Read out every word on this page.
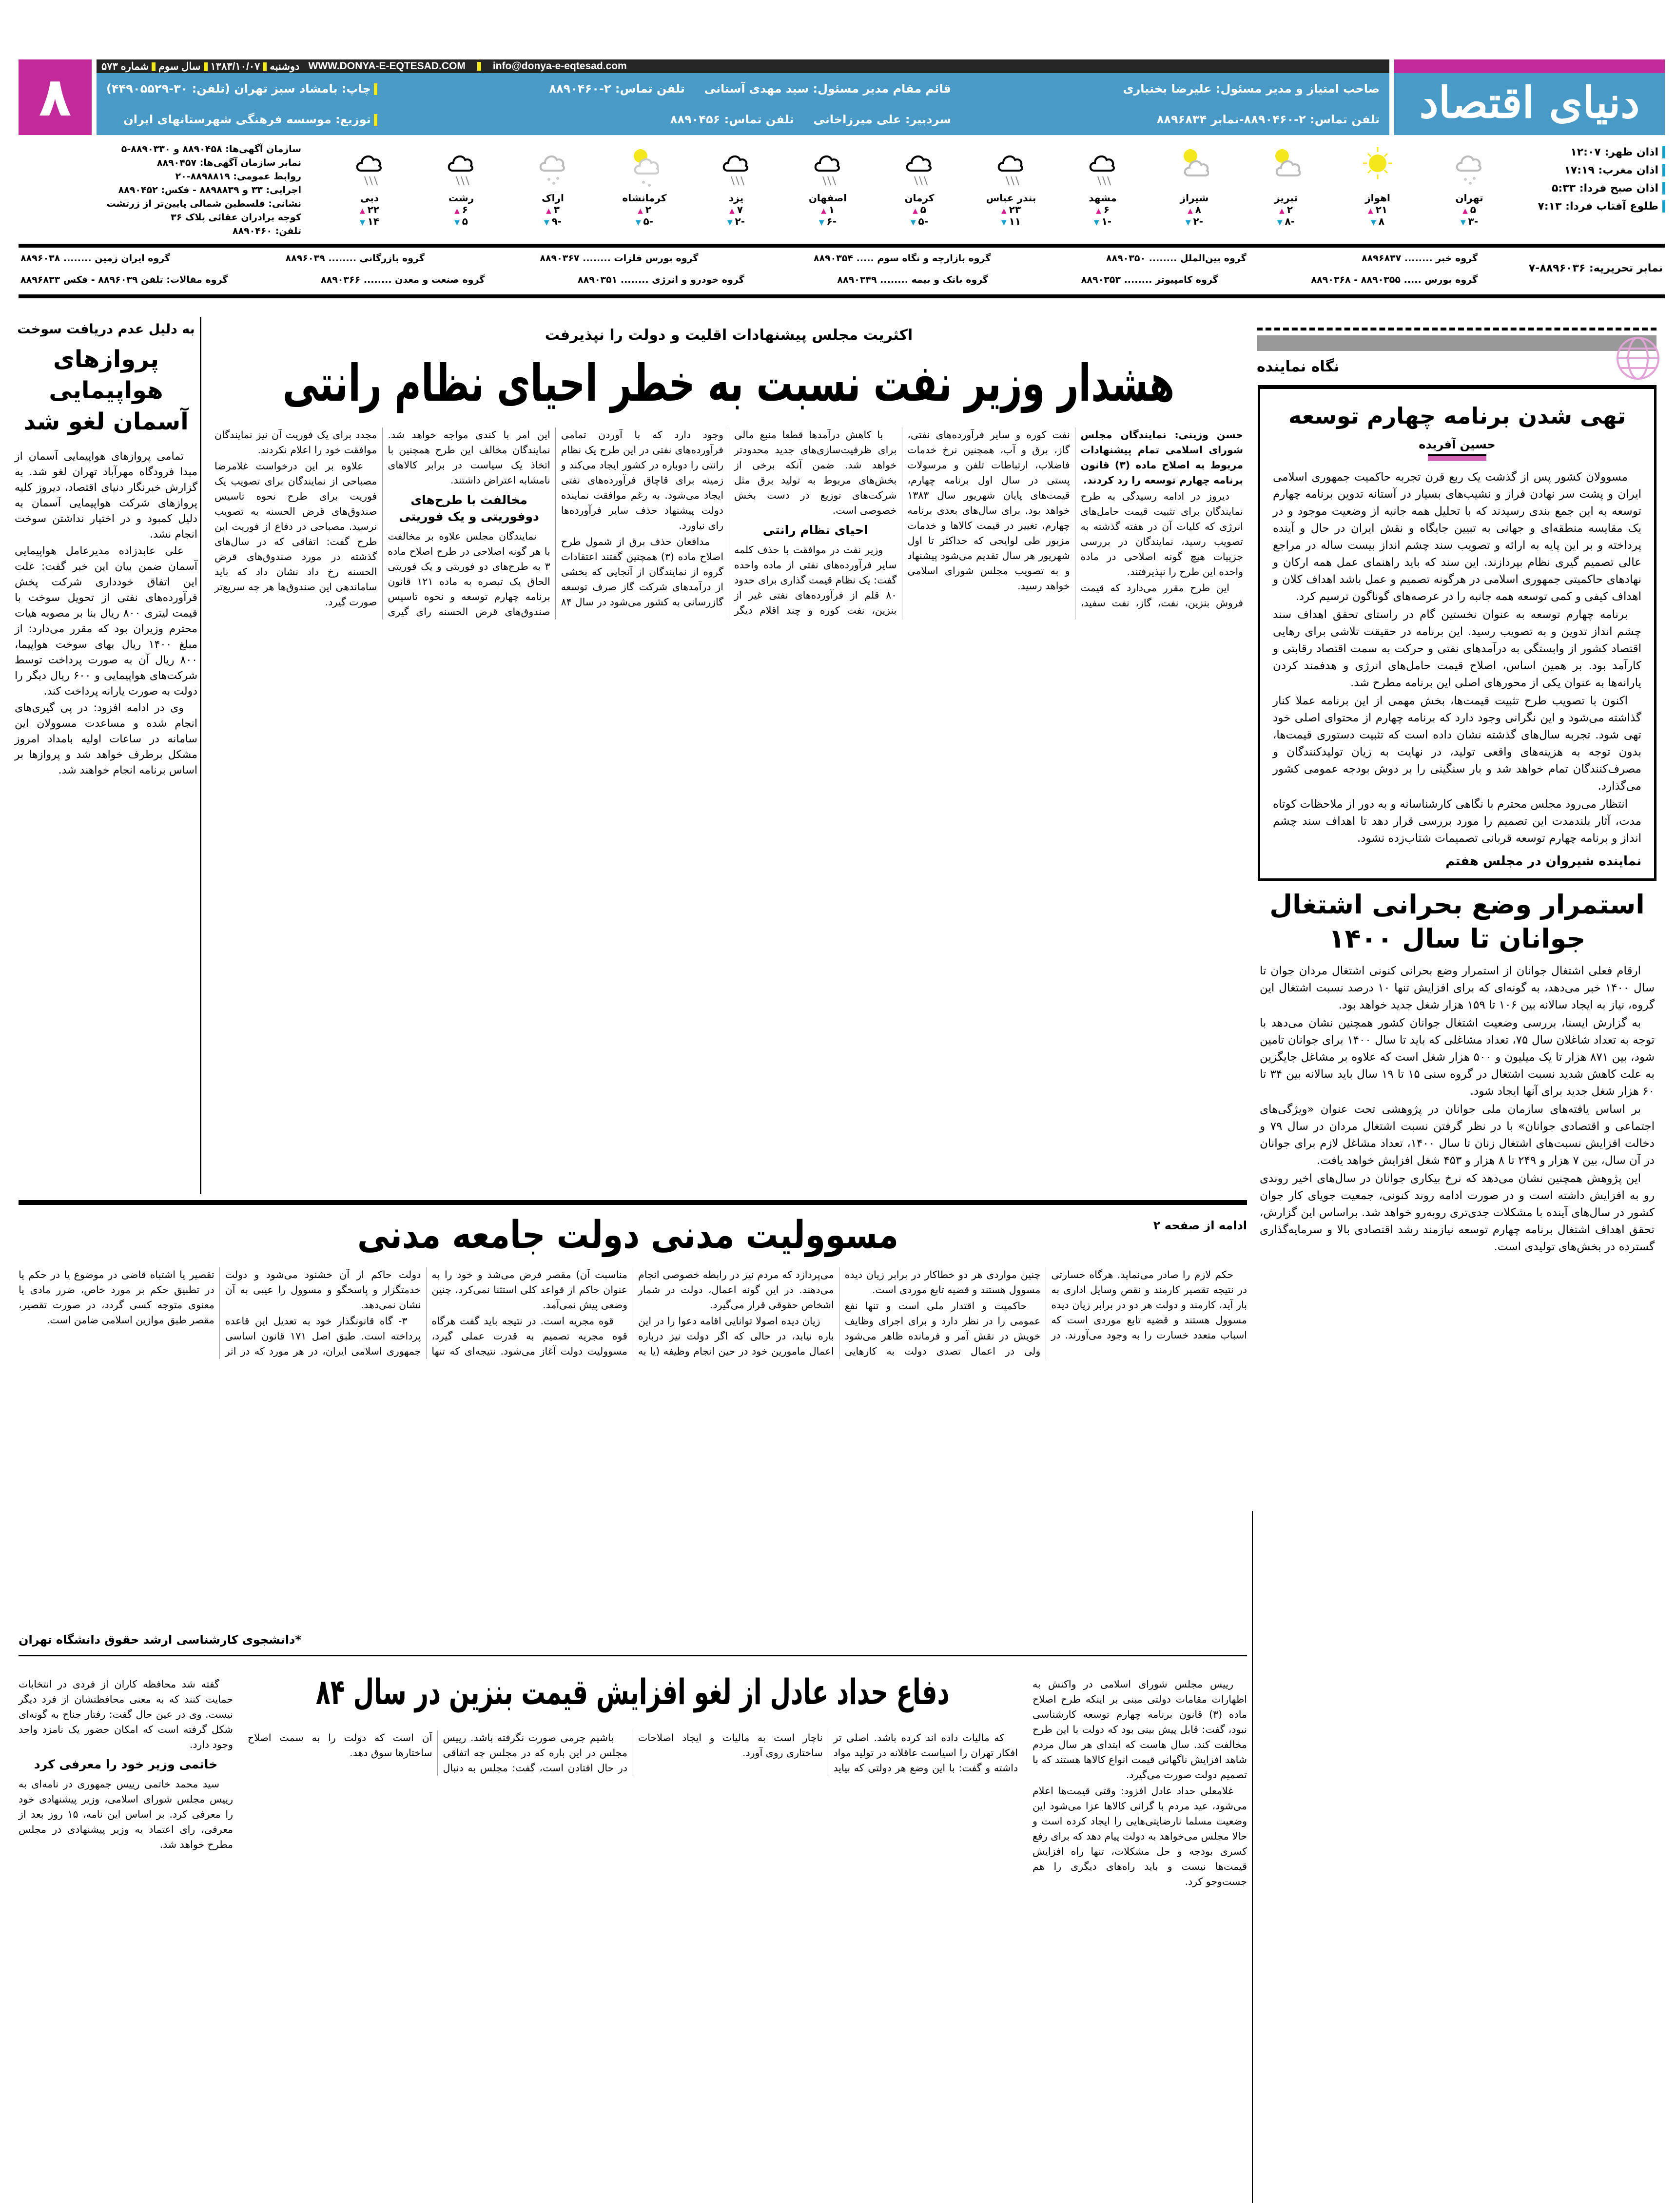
دنیای اقتصاد
۸	دوشنبه۱۳۸۳/۱۰/۰۷سال سومشماره ۵۷۳	WWW.DONYA-E-EQTESAD.COM	info@donya-e-eqtesad.com
صاحب امتیاز و مدیر مسئول: علیرضا بختیاری
تلفن تماس: ۲-۸۸۹۰۴۶۰-نمابر ۸۸۹۶۸۳۴
قائم مقام مدیر مسئول: سید مهدی آستانی
تلفن تماس: ۲-۸۸۹۰۴۶۰
سردبیر: علی میرزاخانی
تلفن تماس: ۸۸۹۰۴۵۶
چاپ: بامشاد سبز تهران (تلفن: ۳۰-۴۴۹۰۵۵۲۹)
توزیع: موسسه فرهنگی شهرستانهای ایران
اذان ظهر: ۱۲:۰۷
اذان مغرب: ۱۷:۱۹
اذان صبح فردا: ۵:۳۳
طلوع آفتاب فردا: ۷:۱۳
تهران
۵ ▲
-۳ ▼
اهواز
۲۱ ▲
۸ ▼
تبریز
۲ ▲
-۸ ▼
شیراز
۸ ▲
-۲ ▼
مشهد
۶ ▲
-۱ ▼
بندر عباس
۲۳ ▲
۱۱ ▼
کرمان
۵ ▲
-۵ ▼
اصفهان
۱ ▲
-۶ ▼
یزد
۷ ▲
-۲ ▼
کرمانشاه
۲ ▲
-۵ ▼
اراک
۳ ▲
-۹ ▼
رشت
۶ ▲
۵ ▼
دبی
۲۲ ▲
۱۴ ▼
سازمان آگهی‌ها: ۸۸۹۰۴۵۸ و ۸۸۹۰۳۳۰-۵
نمابر سازمان آگهی‌ها: ۸۸۹۰۴۵۷
روابط عمومی: ۸۸۹۸۸۱۹-۲۰
اجرایی: ۳۳ و ۸۸۹۸۸۳۹ - فکس: ۸۸۹۰۴۵۲
نشانی: فلسطین شمالی پایین‌تر از زرتشت
کوچه برادران عقائی پلاک ۳۶
تلفن: ۸۸۹۰۴۶۰
نمابر تحریریه: ۸۸۹۶۰۳۶-۷
گروه خبر ........ ۸۸۹۶۸۳۷
گروه بین‌الملل ........ ۸۸۹۰۳۵۰
گروه بازارچه و نگاه سوم ..... ۸۸۹۰۳۵۴
گروه بورس فلزات ........ ۸۸۹۰۳۶۷
گروه بازرگانی ........ ۸۸۹۶۰۳۹
گروه ایران زمین ........ ۸۸۹۶۰۳۸
گروه بورس ..... ۸۸۹۰۳۵۵ - ۸۸۹۰۳۶۸
گروه کامپیوتر ........ ۸۸۹۰۳۵۳
گروه بانک و بیمه ........ ۸۸۹۰۳۴۹
گروه خودرو و انرژی ........ ۸۸۹۰۳۵۱
گروه صنعت و معدن ........ ۸۸۹۰۳۶۶
گروه مقالات: تلفن ۸۸۹۶۰۳۹ - فکس ۸۸۹۶۸۳۳
به دلیل عدم دریافت سوخت
پروازهای هواپیمایی آسمان لغو شد

تمامی پروازهای هواپیمایی آسمان از مبدا فرودگاه مهرآباد تهران لغو شد. به گزارش خبرنگار دنیای اقتصاد، دیروز کلیه پروازهای شرکت هواپیمایی آسمان به دلیل کمبود و در اختیار نداشتن سوخت انجام نشد.

علی عابدزاده مدیرعامل هواپیمایی آسمان ضمن بیان این خبر گفت: علت این اتفاق خودداری شرکت پخش فرآورده‌های نفتی از تحویل سوخت با قیمت لیتری ۸۰۰ ریال بنا بر مصوبه هیات محترم وزیران بود که مقرر می‌دارد: از مبلغ ۱۴۰۰ ریال بهای سوخت هواپیما، ۸۰۰ ریال آن به صورت پرداخت توسط شرکت‌های هواپیمایی و ۶۰۰ ریال دیگر را دولت به صورت یارانه پرداخت کند.

وی در ادامه افزود: در پی گیری‌های انجام شده و مساعدت مسوولان این سامانه در ساعات اولیه بامداد امروز مشکل برطرف خواهد شد و پروازها بر اساس برنامه انجام خواهند شد.

اکثریت مجلس پیشنهادات اقلیت و دولت را نپذیرفت
هشدار وزیر نفت نسبت به خطر احیای نظام رانتی

حسن وزینی: نمایندگان مجلس شورای اسلامی تمام پیشنهادات مربوط به اصلاح ماده (۳) قانون برنامه چهارم توسعه را رد کردند.

دیروز در ادامه رسیدگی به طرح نمایندگان برای تثبیت قیمت حامل‌های انرژی که کلیات آن در هفته گذشته به تصویب رسید، نمایندگان در بررسی جزییات هیچ گونه اصلاحی در ماده واحده این طرح را نپذیرفتند.

این طرح مقرر می‌دارد که قیمت فروش بنزین، نفت، گاز، نفت سفید، نفت کوره و سایر فرآورده‌های نفتی، گاز، برق و آب، همچنین نرخ خدمات فاضلاب، ارتباطات تلفن و مرسولات پستی در سال اول برنامه چهارم، قیمت‌های پایان شهریور سال ۱۳۸۳ خواهد بود. برای سال‌های بعدی برنامه چهارم، تغییر در قیمت کالاها و خدمات مزبور طی لوایحی که حداکثر تا اول شهریور هر سال تقدیم می‌شود پیشنهاد و به تصویب مجلس شورای اسلامی خواهد رسید.

با کاهش درآمدها قطعا منبع مالی برای ظرفیت‌سازی‌های جدید محدودتر خواهد شد. ضمن آنکه برخی از بخش‌های مربوط به تولید برق مثل شرکت‌های توزیع در دست بخش خصوصی است.

احیای نظام رانتی

وزیر نفت در موافقت با حذف کلمه سایر فرآورده‌های نفتی از ماده واحده گفت: یک نظام قیمت گذاری برای حدود ۸۰ قلم از فرآورده‌های نفتی غیر از بنزین، نفت کوره و چند اقلام دیگر وجود دارد که با آوردن تمامی فرآورده‌های نفتی در این طرح یک نظام رانتی را دوباره در کشور ایجاد می‌کند و زمینه برای قاچاق فرآورده‌های نفتی ایجاد می‌شود. به رغم موافقت نماینده دولت پیشنهاد حذف سایر فرآورده‌ها رای نیاورد.

مدافعان حذف برق از شمول طرح اصلاح ماده (۳) همچنین گفتند اعتقادات گروه از نمایندگان از آنجایی که بخشی از درآمدهای شرکت گاز صرف توسعه گازرسانی به کشور می‌شود در سال ۸۴ این امر با کندی مواجه خواهد شد. نمایندگان مخالف این طرح همچنین با اتخاذ یک سیاست در برابر کالاهای نامشابه اعتراض داشتند.

مخالفت با طرح‌های دوفوریتی و یک فوریتی

نمایندگان مجلس علاوه بر مخالفت با هر گونه اصلاحی در طرح اصلاح ماده ۳ به طرح‌های دو فوریتی و یک فوریتی الحاق یک تبصره به ماده ۱۲۱ قانون برنامه چهارم توسعه و نحوه تاسیس صندوق‌های قرض الحسنه رای گیری مجدد برای یک فوریت آن نیز نمایندگان موافقت خود را اعلام نکردند.

علاوه بر این درخواست غلامرضا مصباحی از نمایندگان برای تصویب یک فوریت برای طرح نحوه تاسیس صندوق‌های قرض الحسنه به تصویب نرسید. مصباحی در دفاع از فوریت این طرح گفت: اتفاقی که در سال‌های گذشته در مورد صندوق‌های قرض الحسنه رخ داد نشان داد که باید ساماندهی این صندوق‌ها هر چه سریع‌تر صورت گیرد.

ادامه از صفحه ۲
مسوولیت مدنی دولت جامعه مدنی

حکم لازم را صادر می‌نماید. هرگاه خسارتی در نتیجه تقصیر کارمند و نقص وسایل اداری به بار آید، کارمند و دولت هر دو در برابر زیان دیده مسوول هستند و قضیه تابع موردی است که اسباب متعدد خسارت را به وجود می‌آورند. در چنین مواردی هر دو خطاکار در برابر زیان دیده مسوول هستند و قضیه تابع موردی است.

حاکمیت و اقتدار ملی است و تنها نفع عمومی را در نظر دارد و برای اجرای وظایف خویش در نقش آمر و فرمانده ظاهر می‌شود ولی در اعمال تصدی دولت به کارهایی می‌پردازد که مردم نیز در رابطه خصوصی انجام می‌دهند. در این گونه اعمال، دولت در شمار اشخاص حقوقی قرار می‌گیرد.

زیان دیده اصولا توانایی اقامه دعوا را در این باره نیابد، در حالی که اگر دولت نیز درباره اعمال مامورین خود در حین انجام وظیفه (یا به مناسبت آن) مقصر فرض می‌شد و خود را به عنوان حاکم از قواعد کلی استثنا نمی‌کرد، چنین وضعی پیش نمی‌آمد.

قوه مجریه است. در نتیجه باید گفت هرگاه قوه مجریه تصمیم به قدرت عملی گیرد، مسوولیت دولت آغاز می‌شود. نتیجه‌ای که تنها دولت حاکم از آن خشنود می‌شود و دولت خدمتگزار و پاسخگو و مسوول را عیبی به آن نشان نمی‌دهد.

۳- گاه قانونگذار خود به تعدیل این قاعده پرداخته است. طبق اصل ۱۷۱ قانون اساسی جمهوری اسلامی ایران، در هر مورد که در اثر تقصیر یا اشتباه قاضی در موضوع یا در حکم یا در تطبیق حکم بر مورد خاص، ضرر مادی یا معنوی متوجه کسی گردد، در صورت تقصیر، مقصر طبق موازین اسلامی ضامن است.

*دانشجوی کارشناسی ارشد حقوق دانشگاه تهران
دفاع حداد عادل از لغو افزایش قیمت بنزین در سال ۸۴	رییس مجلس شورای اسلامی در واکنش به اظهارات مقامات دولتی مبنی بر اینکه طرح اصلاح ماده (۳) قانون برنامه چهارم توسعه کارشناسی نبود، گفت: قابل پیش بینی بود که دولت با این طرح مخالفت کند. سال هاست که ابتدای هر سال مردم شاهد افزایش ناگهانی قیمت انواع کالاها هستند که با تصمیم دولت صورت می‌گیرد.

غلامعلی حداد عادل افزود: وقتی قیمت‌ها اعلام می‌شود، عید مردم با گرانی کالاها عزا می‌شود این وضعیت مسلما نارضایتی‌هایی را ایجاد کرده است و حالا مجلس می‌خواهد به دولت پیام دهد که برای رفع کسری بودجه و حل مشکلات، تنها راه افزایش قیمت‌ها نیست و باید راه‌های دیگری را هم جست‌وجو کرد.

که مالیات داده اند کرده باشد. اصلی تر افکار تهران را اسیاست عاقلانه در تولید مواد داشته و گفت: با این وضع هر دولتی که بیاید ناچار است به مالیات و ایجاد اصلاحات ساختاری روی آورد.

باشیم جرمی صورت نگرفته باشد. رییس مجلس در این باره که در مجلس چه اتفاقی در حال افتادن است، گفت: مجلس به دنبال آن است که دولت را به سمت اصلاح ساختارها سوق دهد.

گفته شد محافظه کاران از فردی در انتخابات حمایت کنند که به معنی محافظتشان از فرد دیگر نیست. وی در عین حال گفت: رفتار جناح به گونه‌ای شکل گرفته است که امکان حضور یک نامزد واحد وجود دارد.

خاتمی وزیر خود را معرفی کرد

سید محمد خاتمی رییس جمهوری در نامه‌ای به رییس مجلس شورای اسلامی، وزیر پیشنهادی خود را معرفی کرد. بر اساس این نامه، ۱۵ روز بعد از معرفی، رای اعتماد به وزیر پیشنهادی در مجلس مطرح خواهد شد.

نگاه نماینده
تهی شدن برنامه چهارم توسعه
حسین آفریده

مسوولان کشور پس از گذشت یک ربع قرن تجربه حاکمیت جمهوری اسلامی ایران و پشت سر نهادن فراز و نشیب‌های بسیار در آستانه تدوین برنامه چهارم توسعه به این جمع بندی رسیدند که با تحلیل همه جانبه از وضعیت موجود و در یک مقایسه منطقه‌ای و جهانی به تبیین جایگاه و نقش ایران در حال و آینده پرداخته و بر این پایه به ارائه و تصویب سند چشم انداز بیست ساله در مراجع عالی تصمیم گیری نظام بپردازند. این سند که باید راهنمای عمل همه ارکان و نهادهای حاکمیتی جمهوری اسلامی در هرگونه تصمیم و عمل باشد اهداف کلان و اهداف کیفی و کمی توسعه همه جانبه را در عرصه‌های گوناگون ترسیم کرد.

برنامه چهارم توسعه به عنوان نخستین گام در راستای تحقق اهداف سند چشم انداز تدوین و به تصویب رسید. این برنامه در حقیقت تلاشی برای رهایی اقتصاد کشور از وابستگی به درآمدهای نفتی و حرکت به سمت اقتصاد رقابتی و کارآمد بود. بر همین اساس، اصلاح قیمت حامل‌های انرژی و هدفمند کردن یارانه‌ها به عنوان یکی از محورهای اصلی این برنامه مطرح شد.

اکنون با تصویب طرح تثبیت قیمت‌ها، بخش مهمی از این برنامه عملا کنار گذاشته می‌شود و این نگرانی وجود دارد که برنامه چهارم از محتوای اصلی خود تهی شود. تجربه سال‌های گذشته نشان داده است که تثبیت دستوری قیمت‌ها، بدون توجه به هزینه‌های واقعی تولید، در نهایت به زیان تولیدکنندگان و مصرف‌کنندگان تمام خواهد شد و بار سنگینی را بر دوش بودجه عمومی کشور می‌گذارد.

انتظار می‌رود مجلس محترم با نگاهی کارشناسانه و به دور از ملاحظات کوتاه مدت، آثار بلندمدت این تصمیم را مورد بررسی قرار دهد تا اهداف سند چشم انداز و برنامه چهارم توسعه قربانی تصمیمات شتاب‌زده نشود.

نماینده شیروان در مجلس هفتم
استمرار وضع بحرانی اشتغال جوانان تا سال ۱۴۰۰

ارقام فعلی اشتغال جوانان از استمرار وضع بحرانی کنونی اشتغال مردان جوان تا سال ۱۴۰۰ خبر می‌دهد، به گونه‌ای که برای افزایش تنها ۱۰ درصد نسبت اشتغال این گروه، نیاز به ایجاد سالانه بین ۱۰۶ تا ۱۵۹ هزار شغل جدید خواهد بود.

به گزارش ایسنا، بررسی وضعیت اشتغال جوانان کشور همچنین نشان می‌دهد با توجه به تعداد شاغلان سال ۷۵، تعداد مشاغلی که باید تا سال ۱۴۰۰ برای جوانان تامین شود، بین ۸۷۱ هزار تا یک میلیون و ۵۰۰ هزار شغل است که علاوه بر مشاغل جایگزین به علت کاهش شدید نسبت اشتغال در گروه سنی ۱۵ تا ۱۹ سال باید سالانه بین ۳۴ تا ۶۰ هزار شغل جدید برای آنها ایجاد شود.

بر اساس یافته‌های سازمان ملی جوانان در پژوهشی تحت عنوان «ویژگی‌های اجتماعی و اقتصادی جوانان» با در نظر گرفتن نسبت اشتغال مردان در سال ۷۹ و دخالت افزایش نسبت‌های اشتغال زنان تا سال ۱۴۰۰، تعداد مشاغل لازم برای جوانان در آن سال، بین ۷ هزار و ۲۴۹ تا ۸ هزار و ۴۵۳ شغل افزایش خواهد یافت.

این پژوهش همچنین نشان می‌دهد که نرخ بیکاری جوانان در سال‌های اخیر روندی رو به افزایش داشته است و در صورت ادامه روند کنونی، جمعیت جویای کار جوان کشور در سال‌های آینده با مشکلات جدی‌تری روبه‌رو خواهد شد. براساس این گزارش، تحقق اهداف اشتغال برنامه چهارم توسعه نیازمند رشد اقتصادی بالا و سرمایه‌گذاری گسترده در بخش‌های تولیدی است.
